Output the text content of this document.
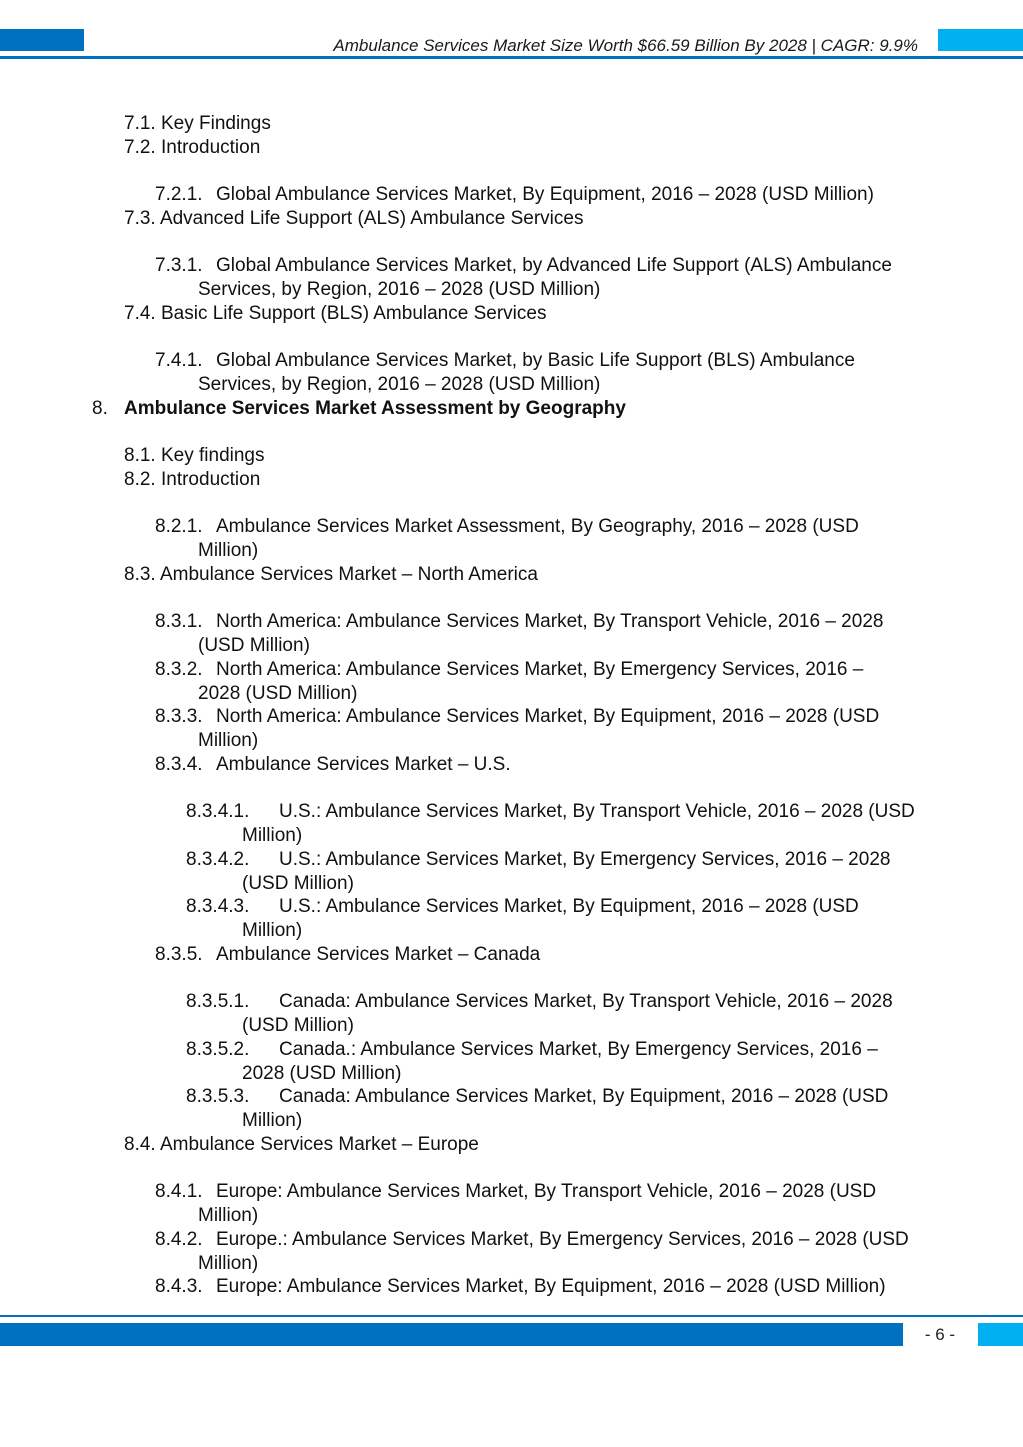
Ambulance Services Market Size Worth $66.59 Billion By 2028 | CAGR: 9.9%
7.1. Key Findings
7.2. Introduction
7.2.1. Global Ambulance Services Market, By Equipment, 2016 – 2028 (USD Million)
7.3. Advanced Life Support (ALS) Ambulance Services
7.3.1. Global Ambulance Services Market, by Advanced Life Support (ALS) Ambulance
Services, by Region, 2016 – 2028 (USD Million)
7.4. Basic Life Support (BLS) Ambulance Services
7.4.1. Global Ambulance Services Market, by Basic Life Support (BLS) Ambulance
Services, by Region, 2016 – 2028 (USD Million)
8. Ambulance Services Market Assessment by Geography
8.1. Key findings
8.2. Introduction
8.2.1. Ambulance Services Market Assessment, By Geography, 2016 – 2028 (USD
Million)
8.3. Ambulance Services Market – North America
8.3.1. North America: Ambulance Services Market, By Transport Vehicle, 2016 – 2028
(USD Million)
8.3.2. North America: Ambulance Services Market, By Emergency Services, 2016 –
2028 (USD Million)
8.3.3. North America: Ambulance Services Market, By Equipment, 2016 – 2028 (USD
Million)
8.3.4. Ambulance Services Market – U.S.
8.3.4.1. U.S.: Ambulance Services Market, By Transport Vehicle, 2016 – 2028 (USD
Million)
8.3.4.2. U.S.: Ambulance Services Market, By Emergency Services, 2016 – 2028
(USD Million)
8.3.4.3. U.S.: Ambulance Services Market, By Equipment, 2016 – 2028 (USD
Million)
8.3.5. Ambulance Services Market – Canada
8.3.5.1. Canada: Ambulance Services Market, By Transport Vehicle, 2016 – 2028
(USD Million)
8.3.5.2. Canada.: Ambulance Services Market, By Emergency Services, 2016 –
2028 (USD Million)
8.3.5.3. Canada: Ambulance Services Market, By Equipment, 2016 – 2028 (USD
Million)
8.4. Ambulance Services Market – Europe
8.4.1. Europe: Ambulance Services Market, By Transport Vehicle, 2016 – 2028 (USD
Million)
8.4.2. Europe.: Ambulance Services Market, By Emergency Services, 2016 – 2028 (USD
Million)
8.4.3. Europe: Ambulance Services Market, By Equipment, 2016 – 2028 (USD Million)
- 6 -
